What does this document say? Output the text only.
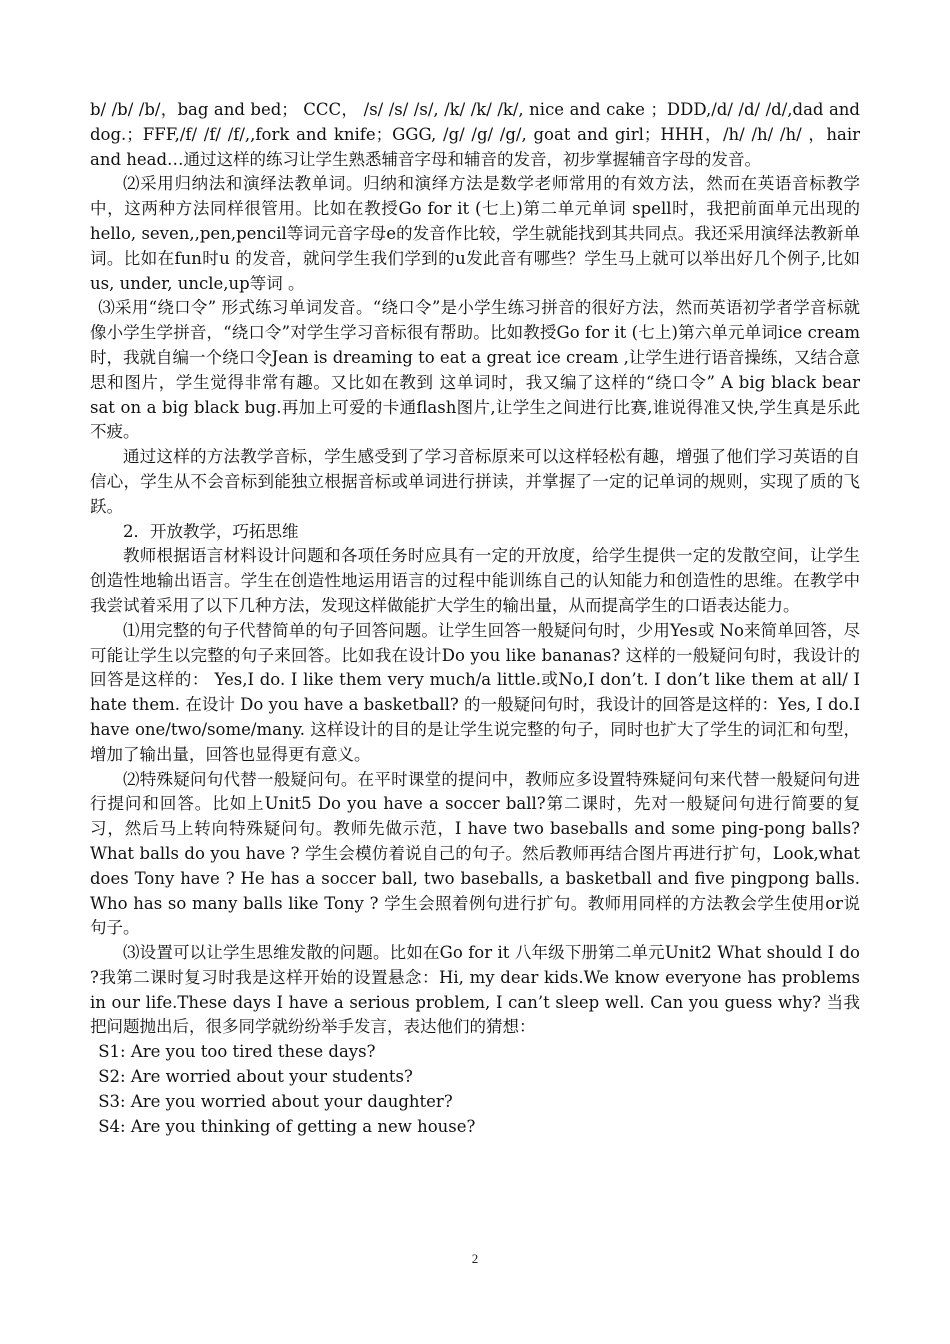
b/ /b/ /b/，bag and bed； CCC， /s/ /s/ /s/, /k/ /k/ /k/, nice and cake ；DDD,/d/ /d/ /d/,dad and dog.；FFF,/f/ /f/ /f/,,fork and knife；GGG, /g/ /g/ /g/, goat and girl；HHH，/h/ /h/ /h/ ，hair and head…通过这样的练习让学生熟悉辅音字母和辅音的发音，初步掌握辅音字母的发音。

⑵采用归纳法和演绎法教单词。归纳和演绎方法是数学老师常用的有效方法，然而在英语音标教学中，这两种方法同样很管用。比如在教授Go for it (七上)第二单元单词 spell时，我把前面单元出现的hello, seven,,pen,pencil等词元音字母e的发音作比较，学生就能找到其共同点。我还采用演绎法教新单词。比如在fun时u 的发音，就问学生我们学到的u发此音有哪些？学生马上就可以举出好几个例子,比如 us, under, uncle,up等词 。

⑶采用“绕口令” 形式练习单词发音。“绕口令”是小学生练习拼音的很好方法，然而英语初学者学音标就像小学生学拼音，“绕口令”对学生学习音标很有帮助。比如教授Go for it (七上)第六单元单词ice cream 时，我就自编一个绕口令Jean is dreaming to eat a great ice cream ,让学生进行语音操练，又结合意思和图片，学生觉得非常有趣。又比如在教到 这单词时，我又编了这样的“绕口令” A big black bear sat on a big black bug.再加上可爱的卡通flash图片,让学生之间进行比赛,谁说得准又快,学生真是乐此不疲。

通过这样的方法教学音标，学生感受到了学习音标原来可以这样轻松有趣，增强了他们学习英语的自信心，学生从不会音标到能独立根据音标或单词进行拼读，并掌握了一定的记单词的规则，实现了质的飞跃。

2．开放教学，巧拓思维

教师根据语言材料设计问题和各项任务时应具有一定的开放度，给学生提供一定的发散空间，让学生创造性地输出语言。学生在创造性地运用语言的过程中能训练自己的认知能力和创造性的思维。在教学中我尝试着采用了以下几种方法，发现这样做能扩大学生的输出量，从而提高学生的口语表达能力。

⑴用完整的句子代替简单的句子回答问题。让学生回答一般疑问句时，少用Yes或 No来简单回答，尽可能让学生以完整的句子来回答。比如我在设计Do you like bananas? 这样的一般疑问句时，我设计的回答是这样的： Yes,I do. I like them very much/a little.或No,I don’t. I don’t like them at all/ I hate them. 在设计 Do you have a basketball? 的一般疑问句时，我设计的回答是这样的：Yes, I do.I have one/two/some/many. 这样设计的目的是让学生说完整的句子，同时也扩大了学生的词汇和句型，增加了输出量，回答也显得更有意义。

⑵特殊疑问句代替一般疑问句。在平时课堂的提问中，教师应多设置特殊疑问句来代替一般疑问句进行提问和回答。比如上Unit5 Do you have a soccer ball?第二课时，先对一般疑问句进行简要的复习，然后马上转向特殊疑问句。教师先做示范，I have two baseballs and some ping-pong balls? What balls do you have ? 学生会模仿着说自己的句子。然后教师再结合图片再进行扩句，Look,what does Tony have ? He has a soccer ball, two baseballs, a basketball and five pingpong balls. Who has so many balls like Tony ? 学生会照着例句进行扩句。教师用同样的方法教会学生使用or说句子。

⑶设置可以让学生思维发散的问题。比如在Go for it 八年级下册第二单元Unit2 What should I do ?我第二课时复习时我是这样开始的设置悬念：Hi, my dear kids.We know everyone has problems in our life.These days I have a serious problem, I can’t sleep well. Can you guess why? 当我把问题抛出后，很多同学就纷纷举手发言，表达他们的猜想：

S1: Are you too tired these days?

S2: Are worried about your students?

S3: Are you worried about your daughter?

S4: Are you thinking of getting a new house?

2
